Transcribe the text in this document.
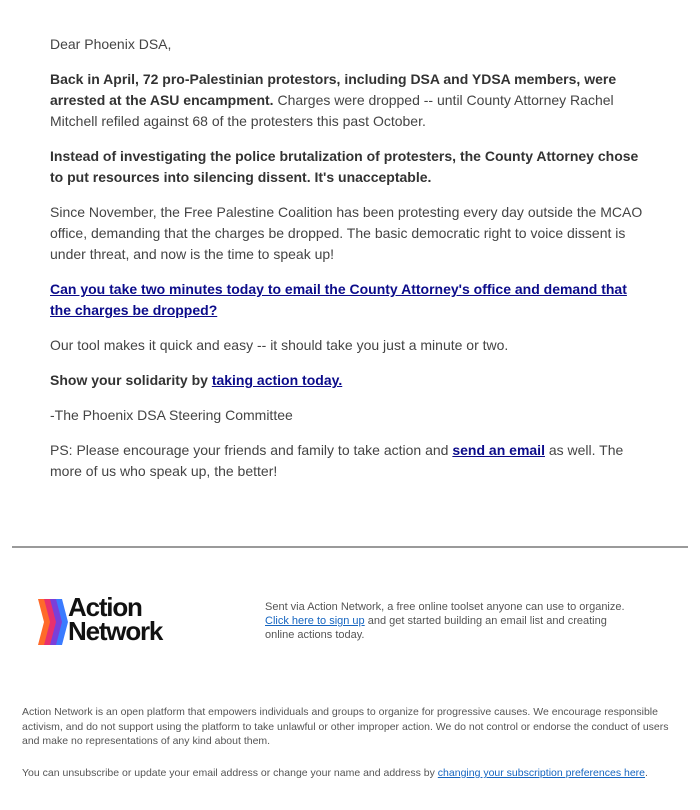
Dear Phoenix DSA,

Back in April, 72 pro-Palestinian protestors, including DSA and YDSA members, were arrested at the ASU encampment. Charges were dropped -- until County Attorney Rachel Mitchell refiled against 68 of the protesters this past October.

Instead of investigating the police brutalization of protesters, the County Attorney chose to put resources into silencing dissent. It's unacceptable.

Since November, the Free Palestine Coalition has been protesting every day outside the MCAO office, demanding that the charges be dropped. The basic democratic right to voice dissent is under threat, and now is the time to speak up!

Can you take two minutes today to email the County Attorney's office and demand that the charges be dropped?

Our tool makes it quick and easy -- it should take you just a minute or two.

Show your solidarity by taking action today.

-The Phoenix DSA Steering Committee

PS: Please encourage your friends and family to take action and send an email as well. The more of us who speak up, the better!

Action
Network
Sent via Action Network, a free online toolset anyone can use to organize. Click here to sign up and get started building an email list and creating online actions today.
Action Network is an open platform that empowers individuals and groups to organize for progressive causes. We encourage responsible activism, and do not support using the platform to take unlawful or other improper action. We do not control or endorse the conduct of users and make no representations of any kind about them.
You can unsubscribe or update your email address or change your name and address by changing your subscription preferences here.
